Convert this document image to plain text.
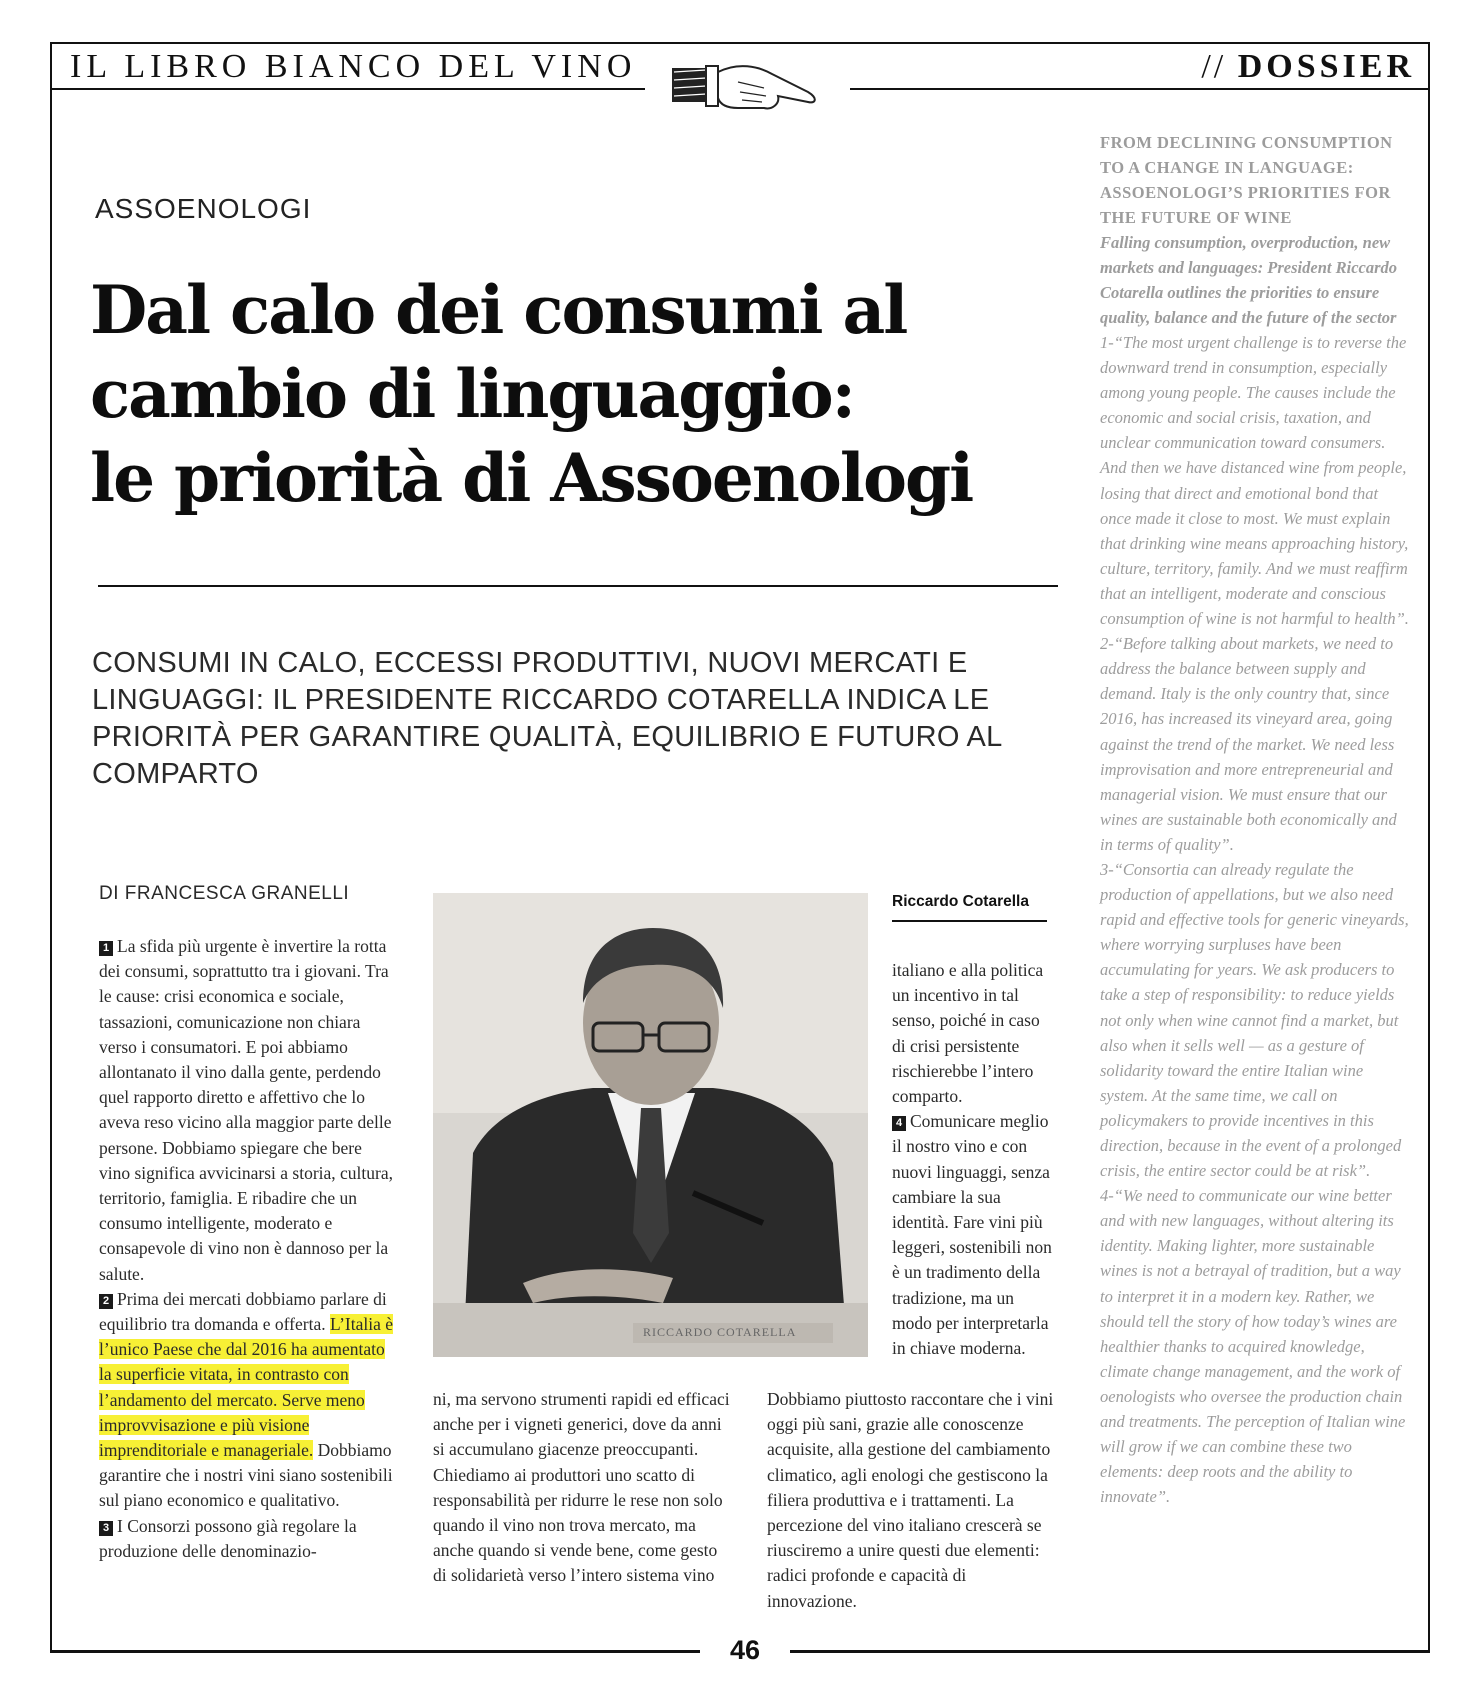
IL LIBRO BIANCO DEL VINO	// DOSSIER
ASSOENOLOGI
Dal calo dei consumi al
cambio di linguaggio:
le priorità di Assoenologi
CONSUMI IN CALO, ECCESSI PRODUTTIVI, NUOVI MERCATI E LINGUAGGI: IL PRESIDENTE RICCARDO COTARELLA INDICA LE PRIORITÀ PER GARANTIRE QUALITÀ, EQUILIBRIO E FUTURO AL COMPARTO
DI FRANCESCA GRANELLI
1 La sfida più urgente è invertire la rotta dei consumi, soprattutto tra i giovani. Tra le cause: crisi economica e sociale, tassazioni, comunicazione non chiara verso i consumatori. E poi abbiamo allontanato il vino dalla gente, perdendo quel rapporto diretto e affettivo che lo aveva reso vicino alla maggior parte delle persone. Dobbiamo spiegare che bere vino significa avvicinarsi a storia, cultura, territorio, famiglia. E ribadire che un consumo intelligente, moderato e consapevole di vino non è dannoso per la salute.
2 Prima dei mercati dobbiamo parlare di equilibrio tra domanda e offerta. L’Italia è l’unico Paese che dal 2016 ha aumentato la superficie vitata, in contrasto con l’andamento del mercato. Serve meno improvvisazione e più visione imprenditoriale e manageriale. Dobbiamo garantire che i nostri vini siano sostenibili sul piano economico e qualitativo.
3 I Consorzi possono già regolare la produzione delle denominazio-
RICCARDO COTARELLA
Riccardo Cotarella
italiano e alla politica un incentivo in tal senso, poiché in caso di crisi persistente rischierebbe l’intero comparto.
4 Comunicare meglio il nostro vino e con nuovi linguaggi, senza cambiare la sua identità. Fare vini più leggeri, sostenibili non è un tradimento della tradizione, ma un modo per interpretarla in chiave moderna.
ni, ma servono strumenti rapidi ed efficaci anche per i vigneti generici, dove da anni si accumulano giacenze preoccupanti. Chiediamo ai produttori uno scatto di responsabilità per ridurre le rese non solo quando il vino non trova mercato, ma anche quando si vende bene, come gesto di solidarietà verso l’intero sistema vino
Dobbiamo piuttosto raccontare che i vini oggi più sani, grazie alle conoscenze acquisite, alla gestione del cambiamento climatico, agli enologi che gestiscono la filiera produttiva e i trattamenti. La percezione del vino italiano crescerà se riusciremo a unire questi due elementi: radici profonde e capacità di innovazione.
FROM DECLINING CONSUMPTION TO A CHANGE IN LANGUAGE: ASSOENOLOGI’S PRIORITIES FOR THE FUTURE OF WINE
Falling consumption, overproduction, new markets and languages: President Riccardo Cotarella outlines the priorities to ensure quality, balance and the future of the sector
1-“The most urgent challenge is to reverse the downward trend in consumption, especially among young people. The causes include the economic and social crisis, taxation, and unclear communication toward consumers. And then we have distanced wine from people, losing that direct and emotional bond that once made it close to most. We must explain that drinking wine means approaching history, culture, territory, family. And we must reaffirm that an intelligent, moderate and conscious consumption of wine is not harmful to health”.
2-“Before talking about markets, we need to address the balance between supply and demand. Italy is the only country that, since 2016, has increased its vineyard area, going against the trend of the market. We need less improvisation and more entrepreneurial and managerial vision. We must ensure that our wines are sustainable both economically and in terms of quality”.
3-“Consortia can already regulate the production of appellations, but we also need rapid and effective tools for generic vineyards, where worrying surpluses have been accumulating for years. We ask producers to take a step of responsibility: to reduce yields not only when wine cannot find a market, but also when it sells well — as a gesture of solidarity toward the entire Italian wine system. At the same time, we call on policymakers to provide incentives in this direction, because in the event of a prolonged crisis, the entire sector could be at risk”.
4-“We need to communicate our wine better and with new languages, without altering its identity. Making lighter, more sustainable wines is not a betrayal of tradition, but a way to interpret it in a modern key. Rather, we should tell the story of how today’s wines are healthier thanks to acquired knowledge, climate change management, and the work of oenologists who oversee the production chain and treatments. The perception of Italian wine will grow if we can combine these two elements: deep roots and the ability to innovate”.
46
